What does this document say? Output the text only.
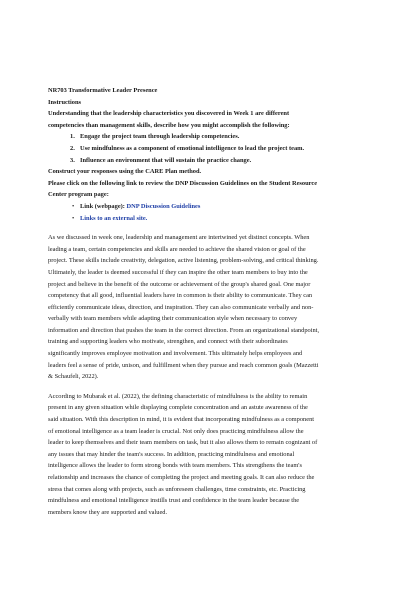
NR703 Transformative Leader Presence
Instructions
Understanding that the leadership characteristics you discovered in Week 1 are different
competencies than management skills, describe how you might accomplish the following:
1. Engage the project team through leadership competencies.
2. Use mindfulness as a component of emotional intelligence to lead the project team.
3. Influence an environment that will sustain the practice change.
Construct your responses using the CARE Plan method.
Please click on the following link to review the DNP Discussion Guidelines on the Student Resource
Center program page:
• Link (webpage): DNP Discussion Guidelines
• Links to an external site.
As we discussed in week one, leadership and management are intertwined yet distinct concepts. When
leading a team, certain competencies and skills are needed to achieve the shared vision or goal of the
project. These skills include creativity, delegation, active listening, problem-solving, and critical thinking.
Ultimately, the leader is deemed successful if they can inspire the other team members to buy into the
project and believe in the benefit of the outcome or achievement of the group's shared goal. One major
competency that all good, influential leaders have in common is their ability to communicate. They can
efficiently communicate ideas, direction, and inspiration. They can also communicate verbally and non-
verbally with team members while adapting their communication style when necessary to convey
information and direction that pushes the team in the correct direction. From an organizational standpoint,
training and supporting leaders who motivate, strengthen, and connect with their subordinates
significantly improves employee motivation and involvement. This ultimately helps employees and
leaders feel a sense of pride, unison, and fulfillment when they pursue and reach common goals (Mazzetti
& Schaufeli, 2022).
According to Mubarak et al. (2022), the defining characteristic of mindfulness is the ability to remain
present in any given situation while displaying complete concentration and an astute awareness of the
said situation. With this description in mind, it is evident that incorporating mindfulness as a component
of emotional intelligence as a team leader is crucial. Not only does practicing mindfulness allow the
leader to keep themselves and their team members on task, but it also allows them to remain cognizant of
any issues that may hinder the team's success. In addition, practicing mindfulness and emotional
intelligence allows the leader to form strong bonds with team members. This strengthens the team's
relationship and increases the chance of completing the project and meeting goals. It can also reduce the
stress that comes along with projects, such as unforeseen challenges, time constraints, etc. Practicing
mindfulness and emotional intelligence instills trust and confidence in the team leader because the
members know they are supported and valued.
